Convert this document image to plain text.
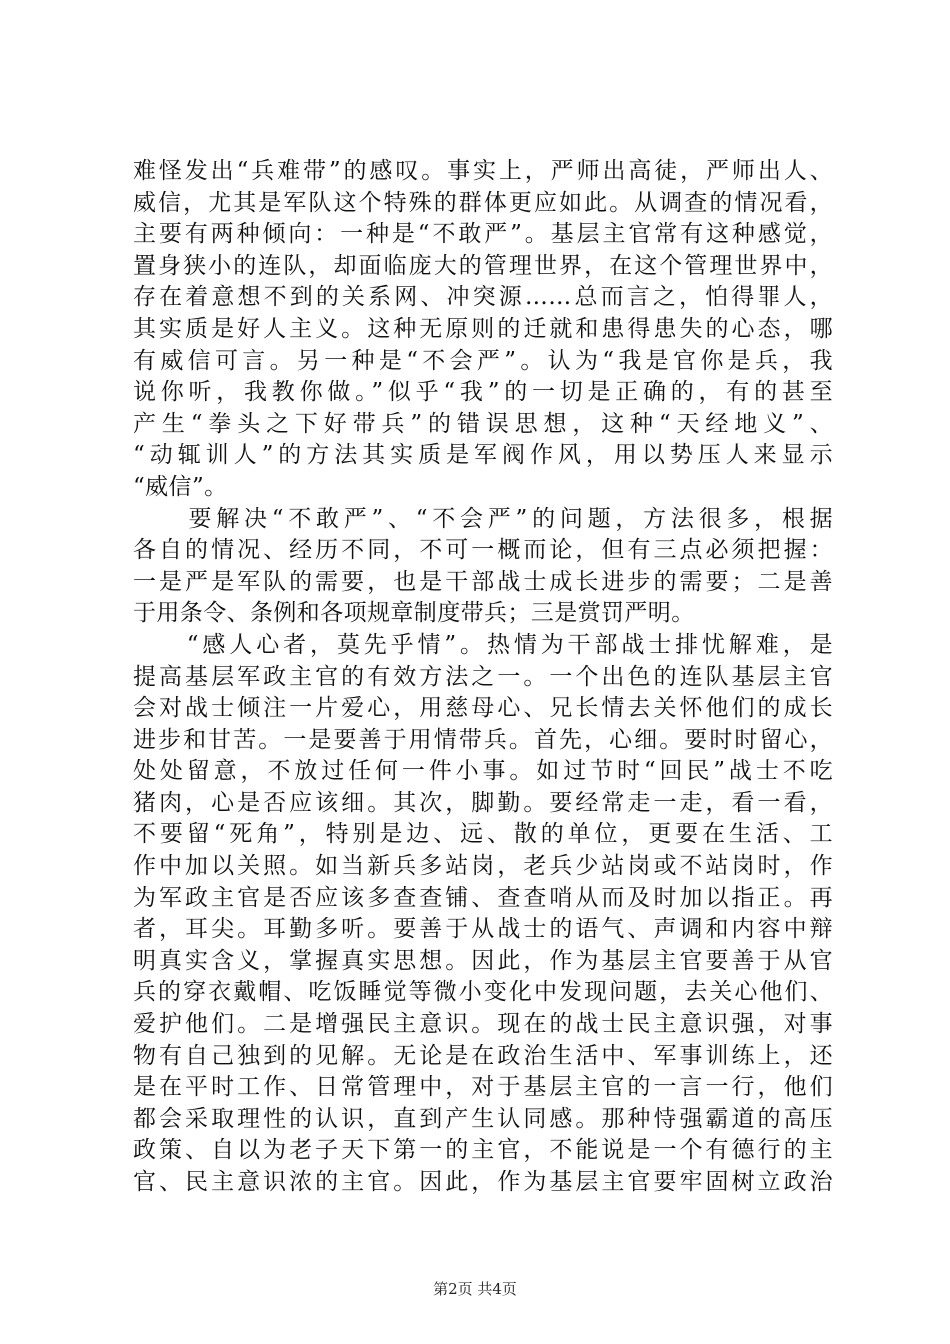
难怪发出“兵难带”的感叹。事实上，严师出高徒，严师出人、
威信，尤其是军队这个特殊的群体更应如此。从调查的情况看，
主要有两种倾向：一种是“不敢严”。基层主官常有这种感觉，
置身狭小的连队，却面临庞大的管理世界，在这个管理世界中，
存在着意想不到的关系网、冲突源……总而言之，怕得罪人，
其实质是好人主义。这种无原则的迁就和患得患失的心态，哪
有威信可言。另一种是“不会严”。认为“我是官你是兵，我
说你听，我教你做。”似乎“我”的一切是正确的，有的甚至
产生“拳头之下好带兵”的错误思想，这种“天经地义”、
“动辄训人”的方法其实质是军阀作风，用以势压人来显示
“威信”。
　　要解决“不敢严”、“不会严”的问题，方法很多，根据
各自的情况、经历不同，不可一概而论，但有三点必须把握：
一是严是军队的需要，也是干部战士成长进步的需要；二是善
于用条令、条例和各项规章制度带兵；三是赏罚严明。
　　“感人心者，莫先乎情”。热情为干部战士排忧解难，是
提高基层军政主官的有效方法之一。一个出色的连队基层主官
会对战士倾注一片爱心，用慈母心、兄长情去关怀他们的成长
进步和甘苦。一是要善于用情带兵。首先，心细。要时时留心，
处处留意，不放过任何一件小事。如过节时“回民”战士不吃
猪肉，心是否应该细。其次，脚勤。要经常走一走，看一看，
不要留“死角”，特别是边、远、散的单位，更要在生活、工
作中加以关照。如当新兵多站岗，老兵少站岗或不站岗时，作
为军政主官是否应该多查查铺、查查哨从而及时加以指正。再
者，耳尖。耳勤多听。要善于从战士的语气、声调和内容中辩
明真实含义，掌握真实思想。因此，作为基层主官要善于从官
兵的穿衣戴帽、吃饭睡觉等微小变化中发现问题，去关心他们、
爱护他们。二是增强民主意识。现在的战士民主意识强，对事
物有自己独到的见解。无论是在政治生活中、军事训练上，还
是在平时工作、日常管理中，对于基层主官的一言一行，他们
都会采取理性的认识，直到产生认同感。那种恃强霸道的高压
政策、自以为老子天下第一的主官，不能说是一个有德行的主
官、民主意识浓的主官。因此，作为基层主官要牢固树立政治
第2页 共4页
